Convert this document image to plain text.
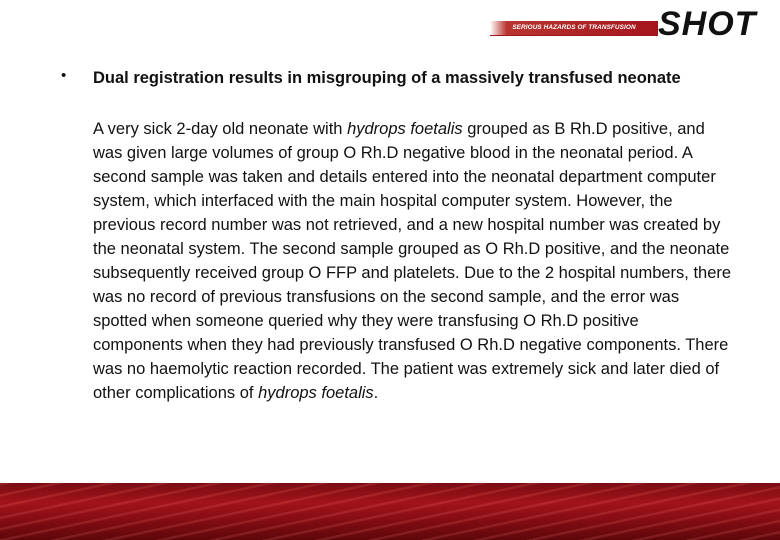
SERIOUS HAZARDS OF TRANSFUSION SHOT
• Dual registration results in misgrouping of a massively transfused neonate
A very sick 2-day old neonate with hydrops foetalis grouped as B Rh.D positive, and was given large volumes of group O Rh.D negative blood in the neonatal period. A second sample was taken and details entered into the neonatal department computer system, which interfaced with the main hospital computer system. However, the previous record number was not retrieved, and a new hospital number was created by the neonatal system. The second sample grouped as O Rh.D positive, and the neonate subsequently received group O FFP and platelets. Due to the 2 hospital numbers, there was no record of previous transfusions on the second sample, and the error was spotted when someone queried why they were transfusing O Rh.D positive components when they had previously transfused O Rh.D negative components. There was no haemolytic reaction recorded. The patient was extremely sick and later died of other complications of hydrops foetalis.
